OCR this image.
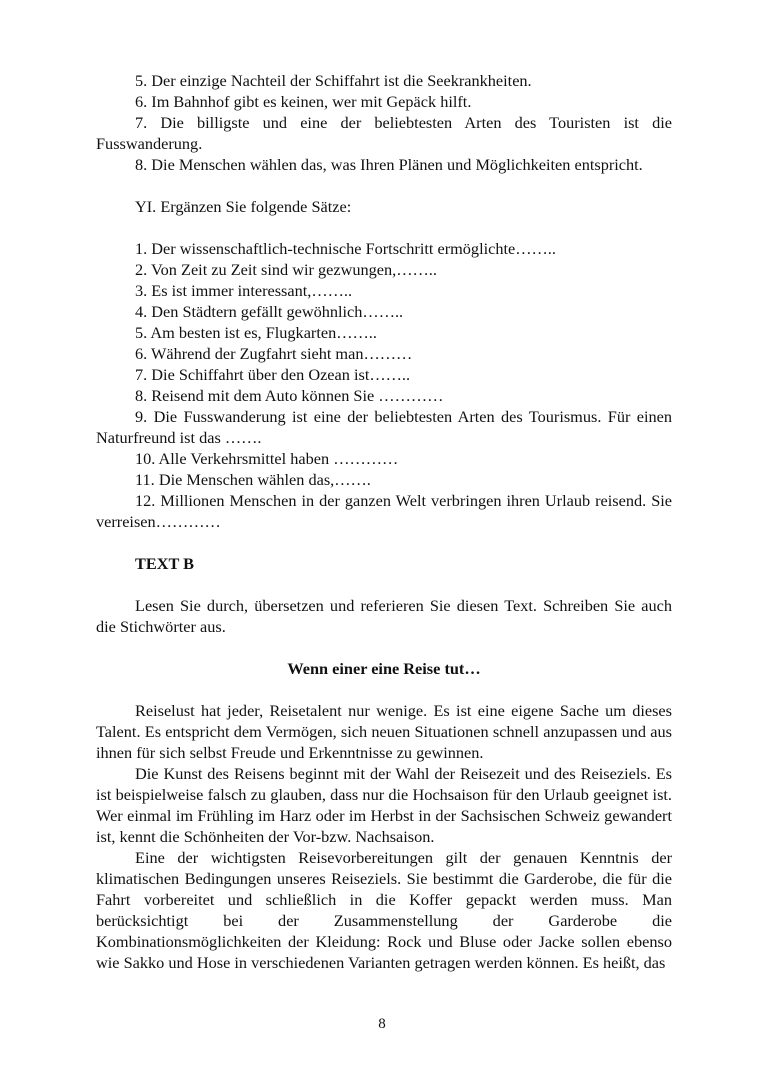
5. Der einzige Nachteil der Schiffahrt ist die Seekrankheiten.

6. Im Bahnhof gibt es keinen, wer mit Gepäck hilft.

7. Die billigste und eine der beliebtesten Arten des Touristen ist die Fusswanderung.

8. Die Menschen wählen das, was Ihren Plänen und Möglichkeiten entspricht.

YI. Ergänzen Sie folgende Sätze:

1. Der wissenschaftlich-technische Fortschritt ermöglichte……..

2. Von Zeit zu Zeit sind wir gezwungen,……..

3. Es ist immer interessant,……..

4. Den Städtern gefällt gewöhnlich……..

5. Am besten ist es, Flugkarten……..

6. Während der Zugfahrt sieht man………

7. Die Schiffahrt über den Ozean ist……..

8. Reisend mit dem Auto können Sie …………

9. Die Fusswanderung ist eine der beliebtesten Arten des Tourismus. Für einen Naturfreund ist das …….

10. Alle Verkehrsmittel haben …………

11. Die Menschen wählen das,…….

12. Millionen Menschen in der ganzen Welt verbringen ihren Urlaub reisend. Sie verreisen…………

TEXT B

Lesen Sie durch, übersetzen und referieren Sie diesen Text. Schreiben Sie auch die Stichwörter aus.

Wenn einer eine Reise tut…

Reiselust hat jeder, Reisetalent nur wenige. Es ist eine eigene Sache um dieses Talent. Es entspricht dem Vermögen, sich neuen Situationen schnell anzupassen und aus ihnen für sich selbst Freude und Erkenntnisse zu gewinnen.

Die Kunst des Reisens beginnt mit der Wahl der Reisezeit und des Reiseziels. Es ist beispielweise falsch zu glauben, dass nur die Hochsaison für den Urlaub geeignet ist. Wer einmal im Frühling im Harz oder im Herbst in der Sachsischen Schweiz gewandert ist, kennt die Schönheiten der Vor-bzw. Nachsaison.

Eine der wichtigsten Reisevorbereitungen gilt der genauen Kenntnis der klimatischen Bedingungen unseres Reiseziels. Sie bestimmt die Garderobe, die für die Fahrt vorbereitet und schließlich in die Koffer gepackt werden muss. Man berücksichtigt bei der Zusammenstellung der Garderobe die Kombinationsmöglichkeiten der Kleidung: Rock und Bluse oder Jacke sollen ebenso wie Sakko und Hose in verschiedenen Varianten getragen werden können. Es heißt, das

8
